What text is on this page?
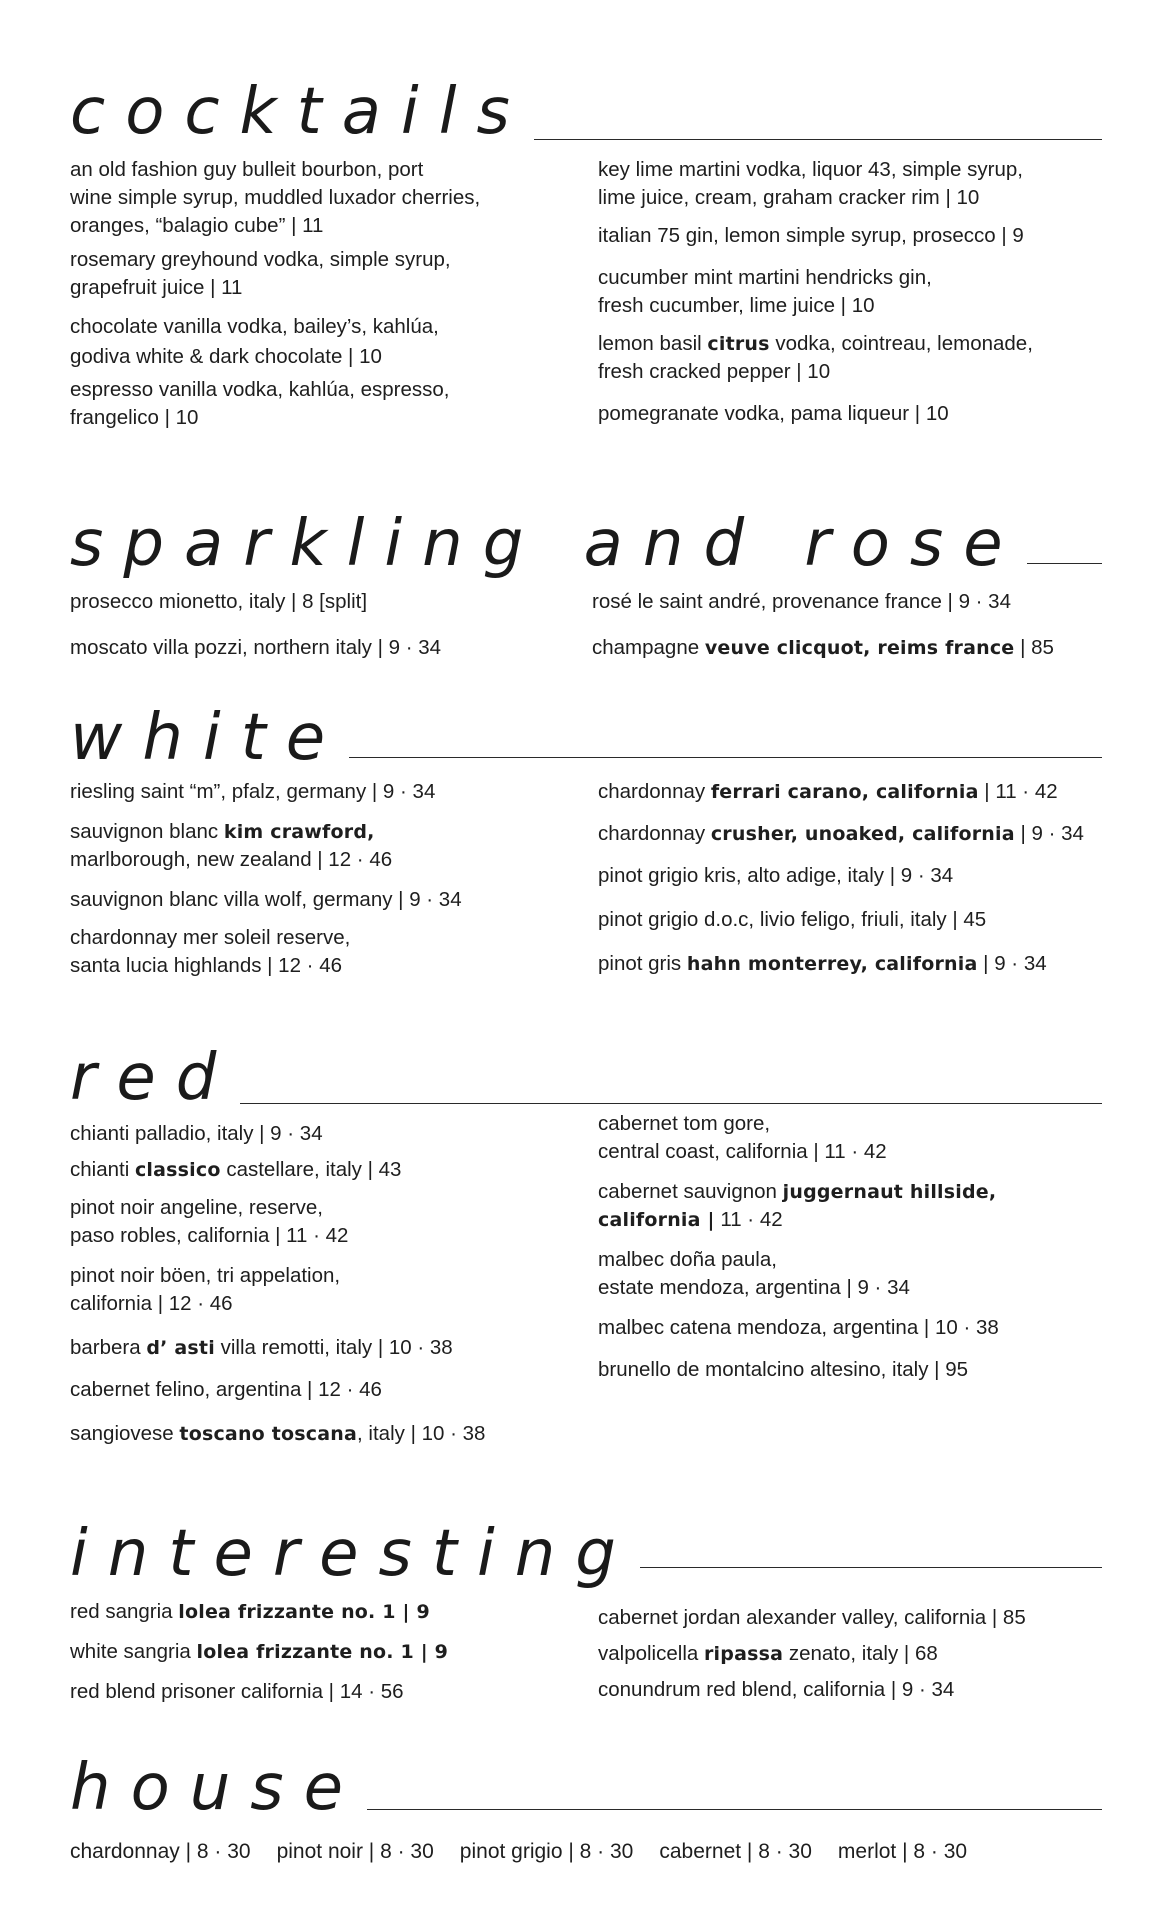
cocktails

an old fashion guy bulleit bourbon, port
wine simple syrup, muddled luxador cherries,
oranges, “balagio cube” | 11

rosemary greyhound vodka, simple syrup,
grapefruit juice | 11

chocolate vanilla vodka, bailey’s, kahlúa,
godiva white & dark chocolate | 10

espresso vanilla vodka, kahlúa, espresso,
frangelico | 10

key lime martini vodka, liquor 43, simple syrup,
lime juice, cream, graham cracker rim | 10

italian 75 gin, lemon simple syrup, prosecco | 9

cucumber mint martini hendricks gin,
fresh cucumber, lime juice | 10

lemon basil citrus vodka, cointreau, lemonade,
fresh cracked pepper | 10

pomegranate vodka, pama liqueur | 10

sparkling and rose

prosecco mionetto, italy | 8 [split]

moscato villa pozzi, northern italy | 9 · 34

rosé le saint andré, provenance france | 9 · 34

champagne veuve clicquot, reims france | 85

white

riesling saint “m”, pfalz, germany | 9 · 34

sauvignon blanc kim crawford,
marlborough, new zealand | 12 · 46

sauvignon blanc villa wolf, germany | 9 · 34

chardonnay mer soleil reserve,
santa lucia highlands | 12 · 46

chardonnay ferrari carano, california | 11 · 42

chardonnay crusher, unoaked, california | 9 · 34

pinot grigio kris, alto adige, italy | 9 · 34

pinot grigio d.o.c, livio feligo, friuli, italy | 45

pinot gris hahn monterrey, california | 9 · 34

red

chianti palladio, italy | 9 · 34

chianti classico castellare, italy | 43

pinot noir angeline, reserve,
paso robles, california | 11 · 42

pinot noir böen, tri appelation,
california | 12 · 46

barbera d’ asti villa remotti, italy | 10 · 38

cabernet felino, argentina | 12 · 46

sangiovese toscano toscana, italy | 10 · 38

cabernet tom gore,
central coast, california | 11 · 42

cabernet sauvignon juggernaut hillside,
california | 11 · 42

malbec doña paula,
estate mendoza, argentina | 9 · 34

malbec catena mendoza, argentina | 10 · 38

brunello de montalcino altesino, italy | 95

interesting

red sangria lolea frizzante no. 1 | 9

white sangria lolea frizzante no. 1 | 9

red blend prisoner california | 14 · 56

cabernet jordan alexander valley, california | 85

valpolicella ripassa zenato, italy | 68

conundrum red blend, california | 9 · 34

house

chardonnay | 8 · 30 pinot noir | 8 · 30 pinot grigio | 8 · 30 cabernet | 8 · 30 merlot | 8 · 30
